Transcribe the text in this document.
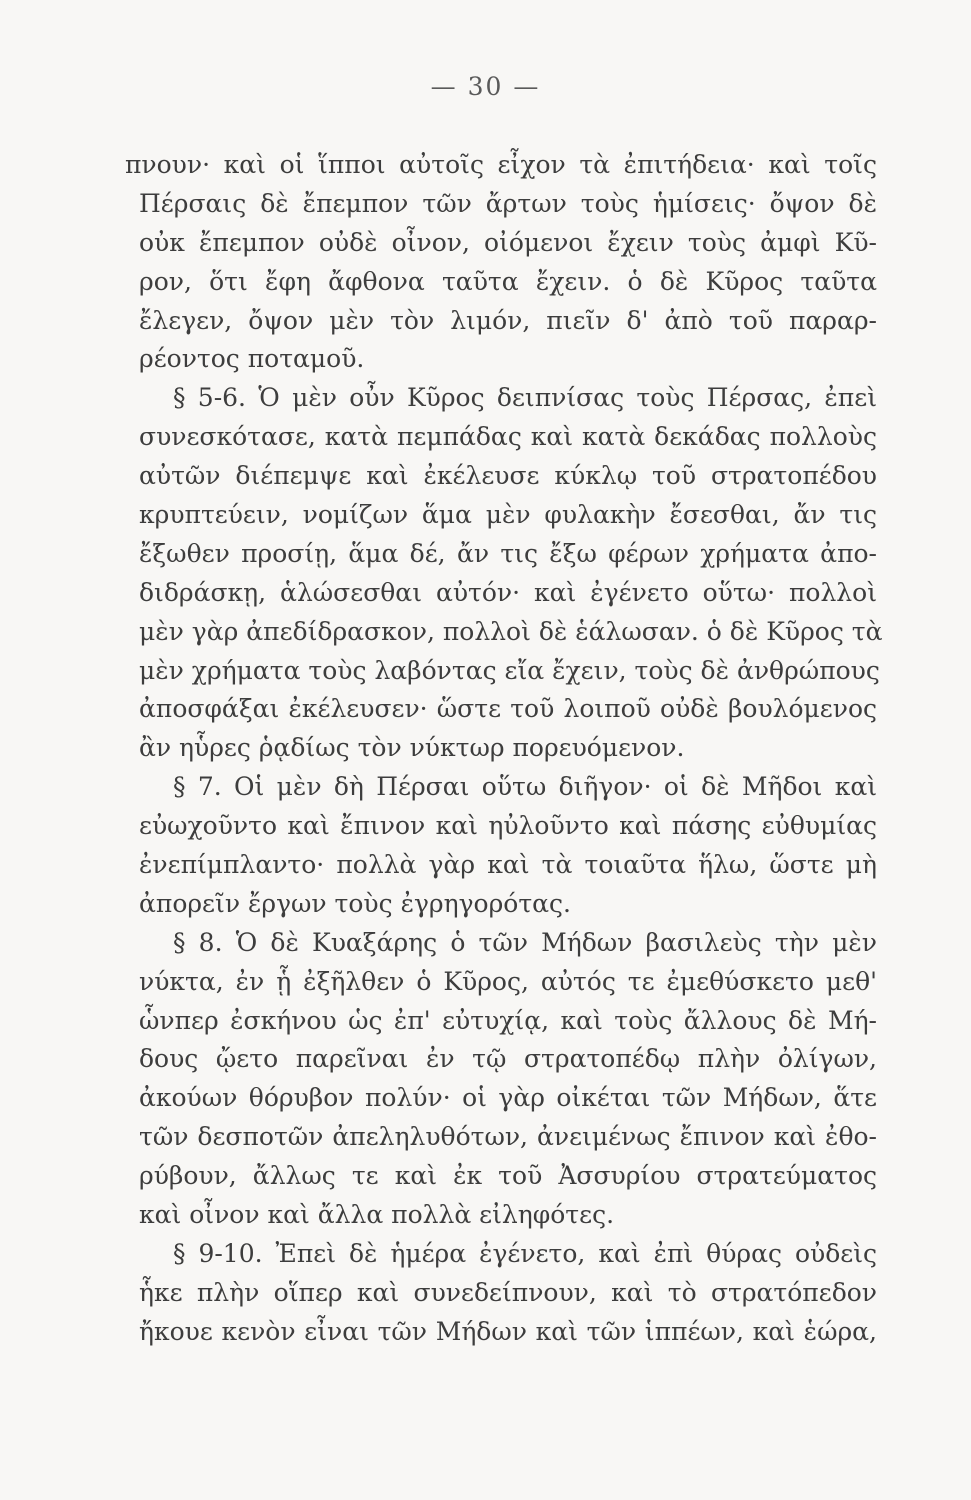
— 30 —
πνουν· καὶ οἱ ἵπποι αὐτοῖς εἶχον τὰ ἐπιτήδεια· καὶ τοῖς
Πέρσαις δὲ ἔπεμπον τῶν ἄρτων τοὺς ἡμίσεις· ὄψον δὲ
οὐκ ἔπεμπον οὐδὲ οἶνον, οἰόμενοι ἔχειν τοὺς ἀμφὶ Κῦ-
ρον, ὅτι ἔφη ἄφθονα ταῦτα ἔχειν. ὁ δὲ Κῦρος ταῦτα
ἔλεγεν, ὄψον μὲν τὸν λιμόν, πιεῖν δ' ἀπὸ τοῦ παραρ-
ρέοντος ποταμοῦ.
§ 5-6. Ὁ μὲν οὖν Κῦρος δειπνίσας τοὺς Πέρσας, ἐπεὶ
συνεσκότασε, κατὰ πεμπάδας καὶ κατὰ δεκάδας πολλοὺς
αὐτῶν διέπεμψε καὶ ἐκέλευσε κύκλῳ τοῦ στρατοπέδου
κρυπτεύειν, νομίζων ἅμα μὲν φυλακὴν ἔσεσθαι, ἄν τις
ἔξωθεν προσίῃ, ἅμα δέ, ἄν τις ἔξω φέρων χρήματα ἀπο-
διδράσκῃ, ἁλώσεσθαι αὐτόν· καὶ ἐγένετο οὕτω· πολλοὶ
μὲν γὰρ ἀπεδίδρασκον, πολλοὶ δὲ ἑάλωσαν. ὁ δὲ Κῦρος τὰ
μὲν χρήματα τοὺς λαβόντας εἴα ἔχειν, τοὺς δὲ ἀνθρώπους
ἀποσφάξαι ἐκέλευσεν· ὥστε τοῦ λοιποῦ οὐδὲ βουλόμενος
ἂν ηὗρες ῥᾳδίως τὸν νύκτωρ πορευόμενον.
§ 7. Οἱ μὲν δὴ Πέρσαι οὕτω διῆγον· οἱ δὲ Μῆδοι καὶ
εὐωχοῦντο καὶ ἔπινον καὶ ηὐλοῦντο καὶ πάσης εὐθυμίας
ἐνεπίμπλαντο· πολλὰ γὰρ καὶ τὰ τοιαῦτα ἥλω, ὥστε μὴ
ἀπορεῖν ἔργων τοὺς ἐγρηγορότας.
§ 8. Ὁ δὲ Κυαξάρης ὁ τῶν Μήδων βασιλεὺς τὴν μὲν
νύκτα, ἐν ᾗ ἐξῆλθεν ὁ Κῦρος, αὐτός τε ἐμεθύσκετο μεθ'
ὧνπερ ἐσκήνου ὡς ἐπ' εὐτυχίᾳ, καὶ τοὺς ἄλλους δὲ Μή-
δους ᾤετο παρεῖναι ἐν τῷ στρατοπέδῳ πλὴν ὀλίγων,
ἀκούων θόρυβον πολύν· οἱ γὰρ οἰκέται τῶν Μήδων, ἅτε
τῶν δεσποτῶν ἀπεληλυθότων, ἀνειμένως ἔπινον καὶ ἐθο-
ρύβουν, ἄλλως τε καὶ ἐκ τοῦ Ἀσσυρίου στρατεύματος
καὶ οἶνον καὶ ἄλλα πολλὰ εἰληφότες.
§ 9-10. Ἐπεὶ δὲ ἡμέρα ἐγένετο, καὶ ἐπὶ θύρας οὐδεὶς
ἧκε πλὴν οἵπερ καὶ συνεδείπνουν, καὶ τὸ στρατόπεδον
ἤκουε κενὸν εἶναι τῶν Μήδων καὶ τῶν ἱππέων, καὶ ἑώρα,
